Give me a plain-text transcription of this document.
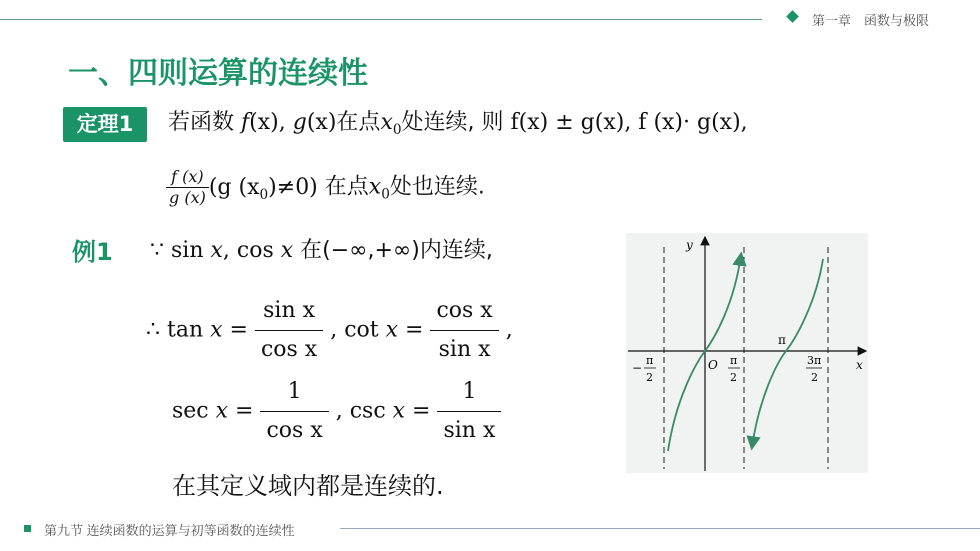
第一章　函数与极限
一、四则运算的连续性
定理1	若函数 f(x), g(x)在点$x_0$处连续, 则 f(x) ± g(x), f (x)· g(x),
$\frac{f (x)}{g (x)} (g$ $(x_0)\ne 0$) 在点$x_0$处也连续.
例1 ∵ sin x, cos x 在(−∞,+∞)内连续,
∴ $\tan x = \frac{\text{sin x}}{\text{cos x}}$ , $\cot x = \frac{\text{cos x}}{\text{sin x}}$ ,
$\sec x = \frac{1}{\text{cos x}}$ , $\csc x = \frac{1}{\text{sin x}}$
在其定义域内都是连续的.
y
x
O
π
−
π
2
π
2
3π
2
第九节 连续函数的运算与初等函数的连续性
